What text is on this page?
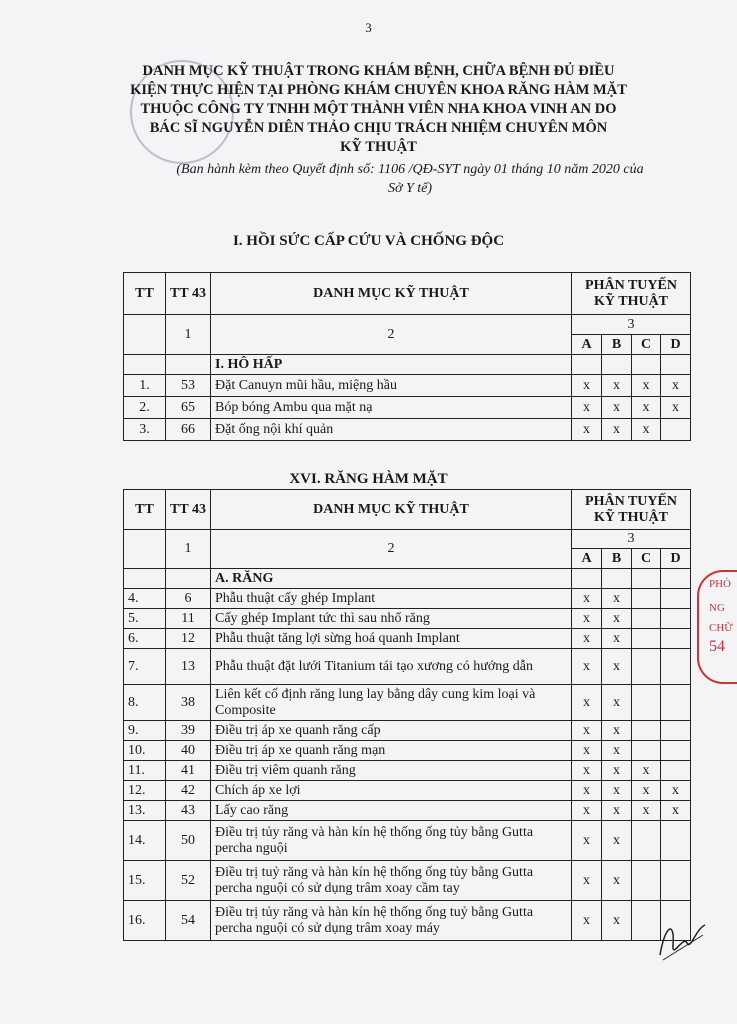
3
DANH MỤC KỸ THUẬT TRONG KHÁM BỆNH, CHỮA BỆNH ĐỦ ĐIỀU
KIỆN THỰC HIỆN TẠI PHÒNG KHÁM CHUYÊN KHOA RĂNG HÀM MẶT
THUỘC CÔNG TY TNHH MỘT THÀNH VIÊN NHA KHOA VINH AN DO
BÁC SĨ NGUYỄN DIÊN THẢO CHỊU TRÁCH NHIỆM CHUYÊN MÔN
KỸ THUẬT
(Ban hành kèm theo Quyết định số: 1106 /QĐ-SYT ngày 01 tháng 10 năm 2020 của
Sở Y tế)
I. HỒI SỨC CẤP CỨU VÀ CHỐNG ĐỘC
TT	TT 43	DANH MỤC KỸ THUẬT	PHÂN TUYẾN KỸ THUẬT			
	1	2	3			
			A	B	C	D
		I. HÔ HẤP				
1.	53	Đặt Canuyn mũi hầu, miệng hầu	x	x	x	x
2.	65	Bóp bóng Ambu qua mặt nạ	x	x	x	x
3.	66	Đặt ống nội khí quản	x	x	x	
XVI. RĂNG HÀM MẶT
TT	TT 43	DANH MỤC KỸ THUẬT	PHÂN TUYẾN KỸ THUẬT			
	1	2	3			
			A	B	C	D
		A. RĂNG				
4.	6	Phẫu thuật cấy ghép Implant	x	x		
5.	11	Cấy ghép Implant tức thì sau nhổ răng	x	x		
6.	12	Phẫu thuật tăng lợi sừng hoá quanh Implant	x	x		
7.	13	Phẫu thuật đặt lưới Titanium tái tạo xương có hướng dẫn	x	x		
8.	38	Liên kết cố định răng lung lay bằng dây cung kim loại và Composite	x	x		
9.	39	Điều trị áp xe quanh răng cấp	x	x		
10.	40	Điều trị áp xe quanh răng mạn	x	x		
11.	41	Điều trị viêm quanh răng	x	x	x	
12.	42	Chích áp xe lợi	x	x	x	x
13.	43	Lấy cao răng	x	x	x	x
14.	50	Điều trị tủy răng và hàn kín hệ thống ống tủy bằng Gutta percha nguội	x	x		
15.	52	Điều trị tuỷ răng và hàn kín hệ thống ống tủy bằng Gutta percha nguội có sử dụng trâm xoay cầm tay	x	x		
16.	54	Điều trị tủy răng và hàn kín hệ thống ống tuỷ bằng Gutta percha nguội có sử dụng trâm xoay máy	x	x		
PHÒ
NG
CHỮ
54
